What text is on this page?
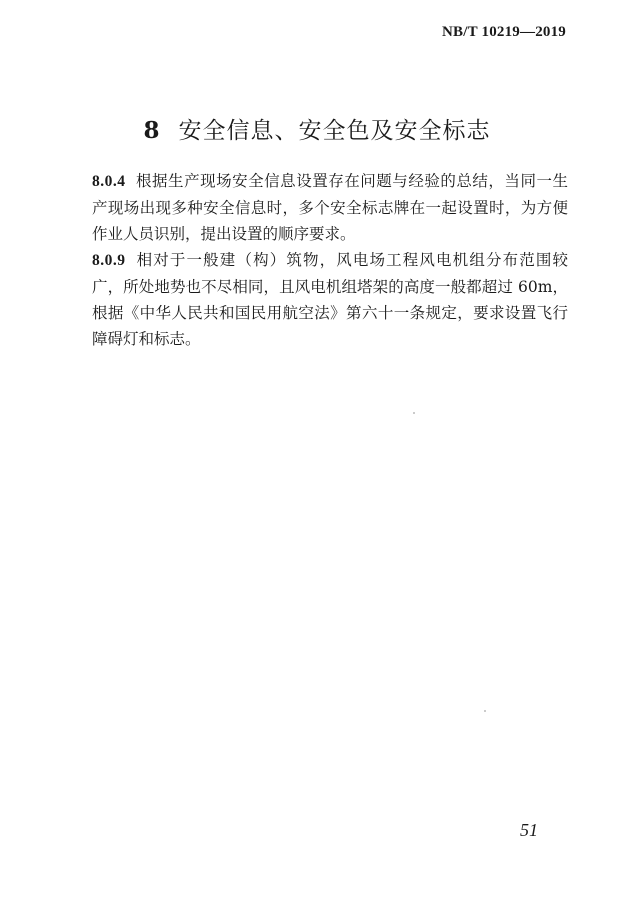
NB/T 10219—2019
8 安全信息、安全色及安全标志

8.0.4 根据生产现场安全信息设置存在问题与经验的总结，当同一生产现场出现多种安全信息时，多个安全标志牌在一起设置时，为方便作业人员识别，提出设置的顺序要求。

8.0.9 相对于一般建（构）筑物，风电场工程风电机组分布范围较广，所处地势也不尽相同，且风电机组塔架的高度一般都超过 60m，根据《中华人民共和国民用航空法》第六十一条规定，要求设置飞行障碍灯和标志。

51
